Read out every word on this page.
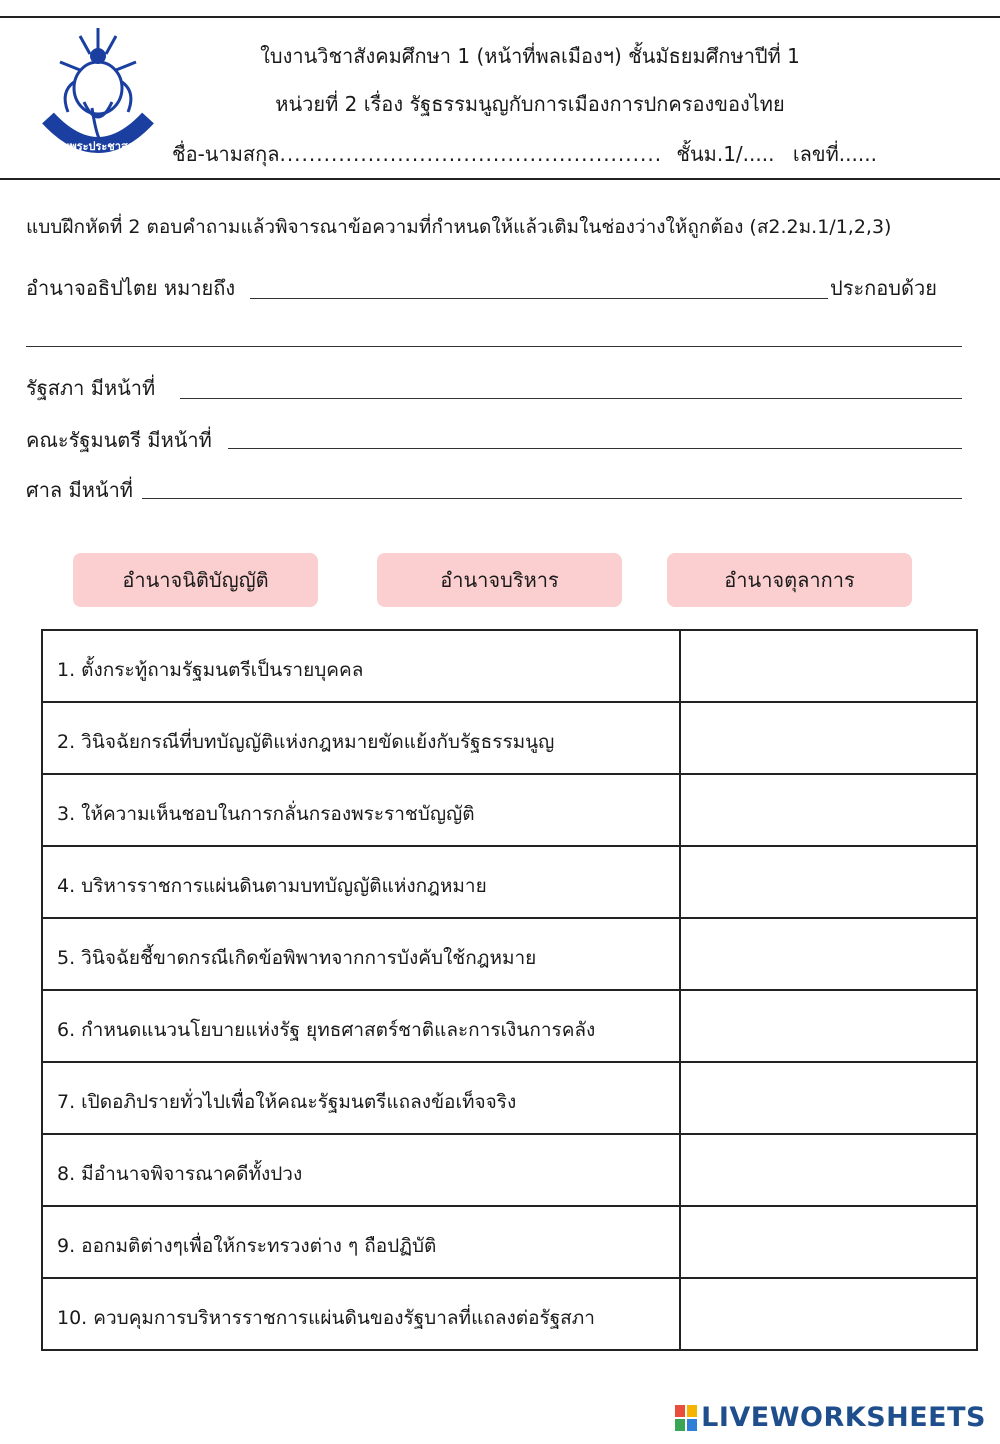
จอมพระประชาสรรค์
ใบงานวิชาสังคมศึกษา 1 (หน้าที่พลเมืองฯ) ชั้นมัธยมศึกษาปีที่ 1
หน่วยที่ 2 เรื่อง รัฐธรรมนูญกับการเมืองการปกครองของไทย
ชื่อ-นามสกุล.................................................... ชั้นม.1/..... เลขที่......
แบบฝึกหัดที่ 2 ตอบคำถามแล้วพิจารณาข้อความที่กำหนดให้แล้วเติมในช่องว่างให้ถูกต้อง (ส2.2ม.1/1,2,3)
อำนาจอธิปไตย หมายถึง	ประกอบด้วย
รัฐสภา มีหน้าที่
คณะรัฐมนตรี มีหน้าที่
ศาล มีหน้าที่
อำนาจนิติบัญญัติ	อำนาจบริหาร	อำนาจตุลาการ
1. ตั้งกระทู้ถามรัฐมนตรีเป็นรายบุคคล	
2. วินิจฉัยกรณีที่บทบัญญัติแห่งกฎหมายขัดแย้งกับรัฐธรรมนูญ	
3. ให้ความเห็นชอบในการกลั่นกรองพระราชบัญญัติ	
4. บริหารราชการแผ่นดินตามบทบัญญัติแห่งกฎหมาย	
5. วินิจฉัยชี้ขาดกรณีเกิดข้อพิพาทจากการบังคับใช้กฎหมาย	
6. กำหนดแนวนโยบายแห่งรัฐ ยุทธศาสตร์ชาติและการเงินการคลัง	
7. เปิดอภิปรายทั่วไปเพื่อให้คณะรัฐมนตรีแถลงข้อเท็จจริง	
8. มีอำนาจพิจารณาคดีทั้งปวง	
9. ออกมติต่างๆเพื่อให้กระทรวงต่าง ๆ ถือปฏิบัติ	
10. ควบคุมการบริหารราชการแผ่นดินของรัฐบาลที่แถลงต่อรัฐสภา	
LIVEWORKSHEETS
